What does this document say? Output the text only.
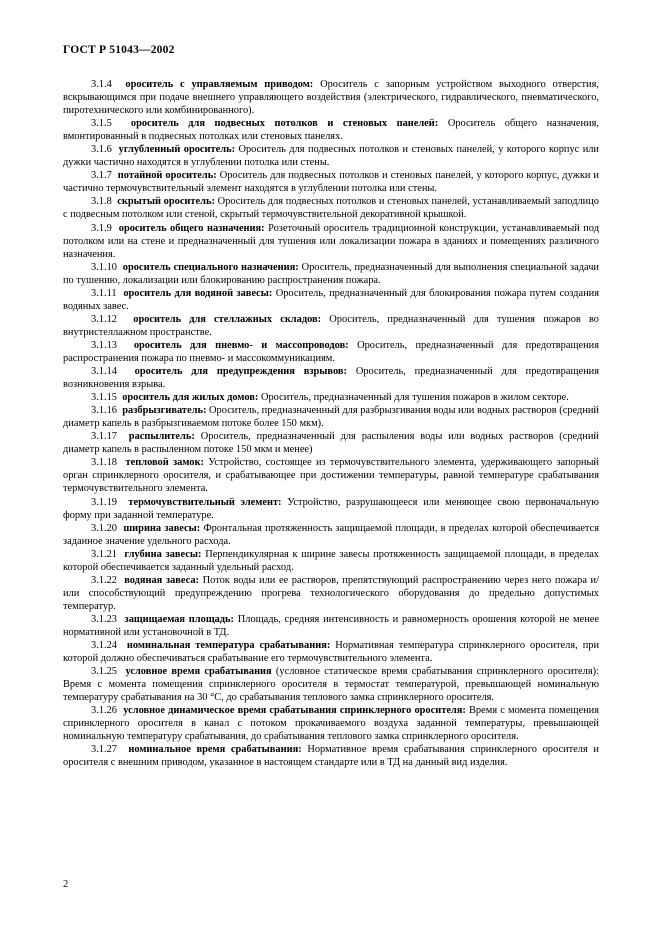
ГОСТ Р 51043—2002

3.1.4 ороситель с управляемым приводом: Ороситель с запорным устройством выходного отверстия, вскрывающимся при подаче внешнего управляющего воздействия (электрического, гидравлического, пневматического, пиротехнического или комбинированного).

3.1.5 ороситель для подвесных потолков и стеновых панелей: Ороситель общего назначения, вмонтированный в подвесных потолках или стеновых панелях.

3.1.6 углубленный ороситель: Ороситель для подвесных потолков и стеновых панелей, у которого корпус или дужки частично находятся в углублении потолка или стены.

3.1.7 потайной ороситель: Ороситель для подвесных потолков и стеновых панелей, у которого корпус, дужки и частично термочувствительный элемент находятся в углублении потолка или стены.

3.1.8 скрытый ороситель: Ороситель для подвесных потолков и стеновых панелей, устанавливаемый заподлицо с подвесным потолком или стеной, скрытый термочувствительной декоративной крышкой.

3.1.9 ороситель общего назначения: Розеточный ороситель традиционной конструкции, устанавливаемый под потолком или на стене и предназначенный для тушения или локализации пожара в зданиях и помещениях различного назначения.

3.1.10 ороситель специального назначения: Ороситель, предназначенный для выполнения специальной задачи по тушению, локализации или блокированию распространения пожара.

3.1.11 ороситель для водяной завесы: Ороситель, предназначенный для блокирования пожара путем создания водяных завес.

3.1.12 ороситель для стеллажных складов: Ороситель, предназначенный для тушения пожаров во внутристеллажном пространстве.

3.1.13 ороситель для пневмо- и массопроводов: Ороситель, предназначенный для предотвращения распространения пожара по пневмо- и массокоммуникациям.

3.1.14 ороситель для предупреждения взрывов: Ороситель, предназначенный для предотвращения возникновения взрыва.

3.1.15 ороситель для жилых домов: Ороситель, предназначенный для тушения пожаров в жилом секторе.

3.1.16 разбрызгиватель: Ороситель, предназначенный для разбрызгивания воды или водных растворов (средний диаметр капель в разбрызгиваемом потоке более 150 мкм).

3.1.17 распылитель: Ороситель, предназначенный для распыления воды или водных растворов (средний диаметр капель в распыленном потоке 150 мкм и менее)

3.1.18 тепловой замок: Устройство, состоящее из термочувствительного элемента, удерживающего запорный орган спринклерного оросителя, и срабатывающее при достижении температуры, равной температуре срабатывания термочувствительного элемента.

3.1.19 термочувствительный элемент: Устройство, разрушающееся или меняющее свою первоначальную форму при заданной температуре.

3.1.20 ширина завесы: Фронтальная протяженность защищаемой площади, в пределах которой обеспечивается заданное значение удельного расхода.

3.1.21 глубина завесы: Перпендикулярная к ширине завесы протяженность защищаемой площади, в пределах которой обеспечивается заданный удельный расход.

3.1.22 водяная завеса: Поток воды или ее растворов, препятствующий распространению через него пожара и/или способствующий предупреждению прогрева технологического оборудования до предельно допустимых температур.

3.1.23 защищаемая площадь: Площадь, средняя интенсивность и равномерность орошения которой не менее нормативной или установочной в ТД.

3.1.24 номинальная температура срабатывания: Нормативная температура спринклерного оросителя, при которой должно обеспечиваться срабатывание его термочувствительного элемента.

3.1.25 условное время срабатывания (условное статическое время срабатывания спринклерного оросителя): Время с момента помещения спринклерного оросителя в термостат температурой, превышающей номинальную температуру срабатывания на 30 °С, до срабатывания теплового замка спринклерного оросителя.

3.1.26 условное динамическое время срабатывания спринклерного оросителя: Время с момента помещения спринклерного оросителя в канал с потоком прокачиваемого воздуха заданной температуры, превышающей номинальную температуру срабатывания, до срабатывания теплового замка спринклерного оросителя.

3.1.27 номинальное время срабатывания: Нормативное время срабатывания спринклерного оросителя и оросителя с внешним приводом, указанное в настоящем стандарте или в ТД на данный вид изделия.

2
